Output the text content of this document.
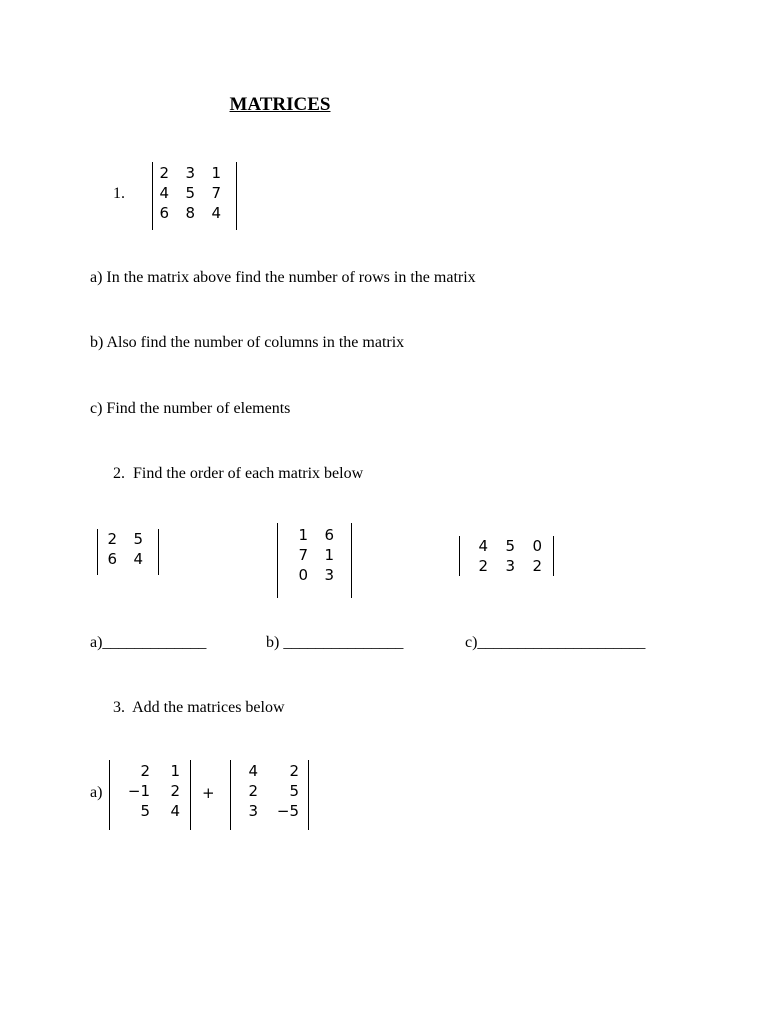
MATRICES
1.
2	3	1
4	5	7
6	8	4
a) In the matrix above find the number of rows in the matrix
b) Also find the number of columns in the matrix
c) Find the number of elements
2.  Find the order of each matrix below
2	5
6	4
1	6
7	1
0	3
4	5	0
2	3	2
a)_____________	b) _______________	c)_____________________
3.  Add the matrices below
a)
2	1
−1	2
5	4
+
4	2
2	5
3	−5
